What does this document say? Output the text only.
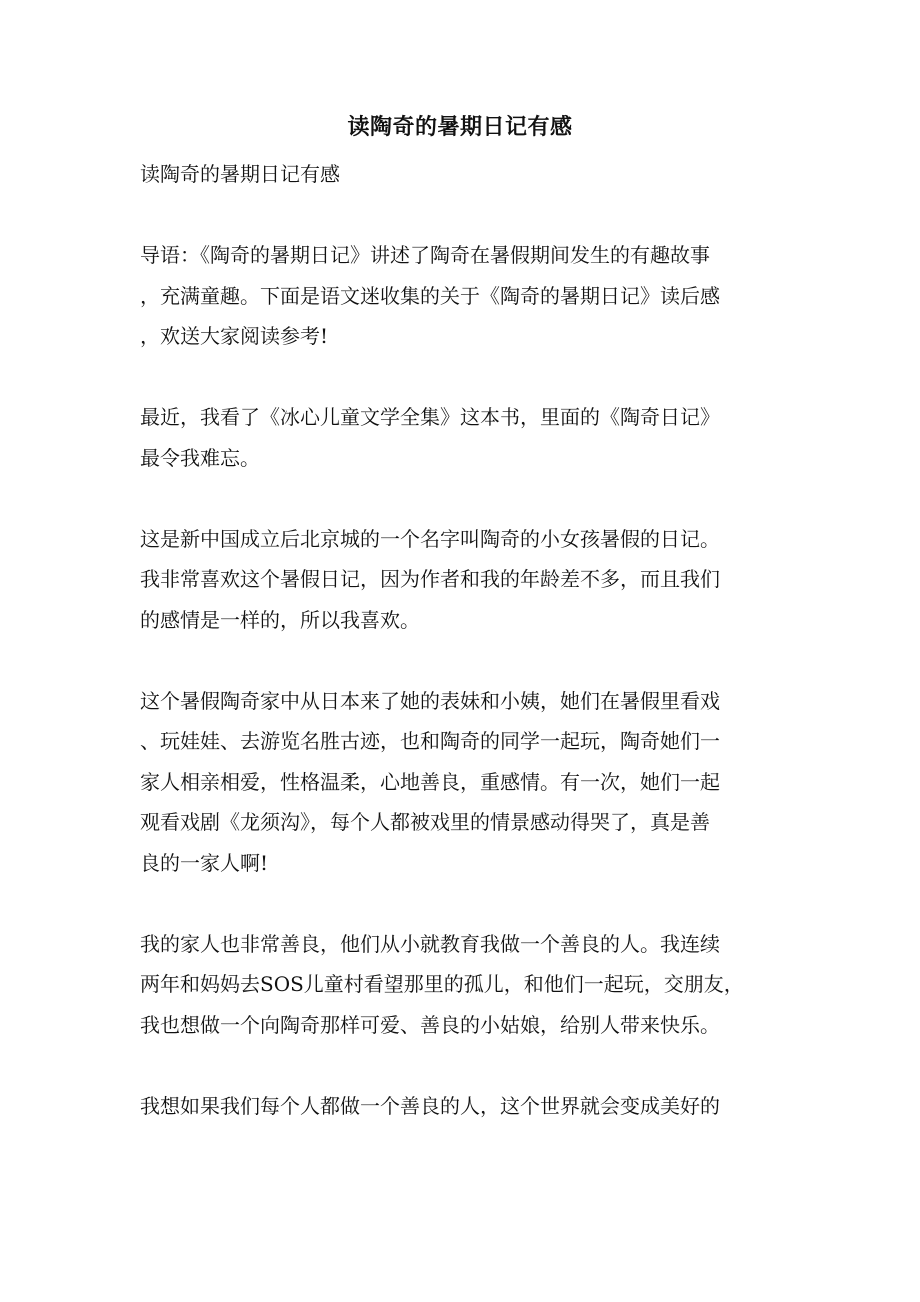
读陶奇的暑期日记有感

读陶奇的暑期日记有感

导语：《陶奇的暑期日记》讲述了陶奇在暑假期间发生的有趣故事
，充满童趣。下面是语文迷收集的关于《陶奇的暑期日记》读后感
，欢送大家阅读参考!

最近，我看了《冰心儿童文学全集》这本书，里面的《陶奇日记》
最令我难忘。

这是新中国成立后北京城的一个名字叫陶奇的小女孩暑假的日记。
我非常喜欢这个暑假日记，因为作者和我的年龄差不多，而且我们
的感情是一样的，所以我喜欢。

这个暑假陶奇家中从日本来了她的表妹和小姨，她们在暑假里看戏
、玩娃娃、去游览名胜古迹，也和陶奇的同学一起玩，陶奇她们一
家人相亲相爱，性格温柔，心地善良，重感情。有一次，她们一起
观看戏剧《龙须沟》，每个人都被戏里的情景感动得哭了，真是善
良的一家人啊!

我的家人也非常善良，他们从小就教育我做一个善良的人。我连续
两年和妈妈去SOS儿童村看望那里的孤儿，和他们一起玩，交朋友，
我也想做一个向陶奇那样可爱、善良的小姑娘，给别人带来快乐。

我想如果我们每个人都做一个善良的人，这个世界就会变成美好的
